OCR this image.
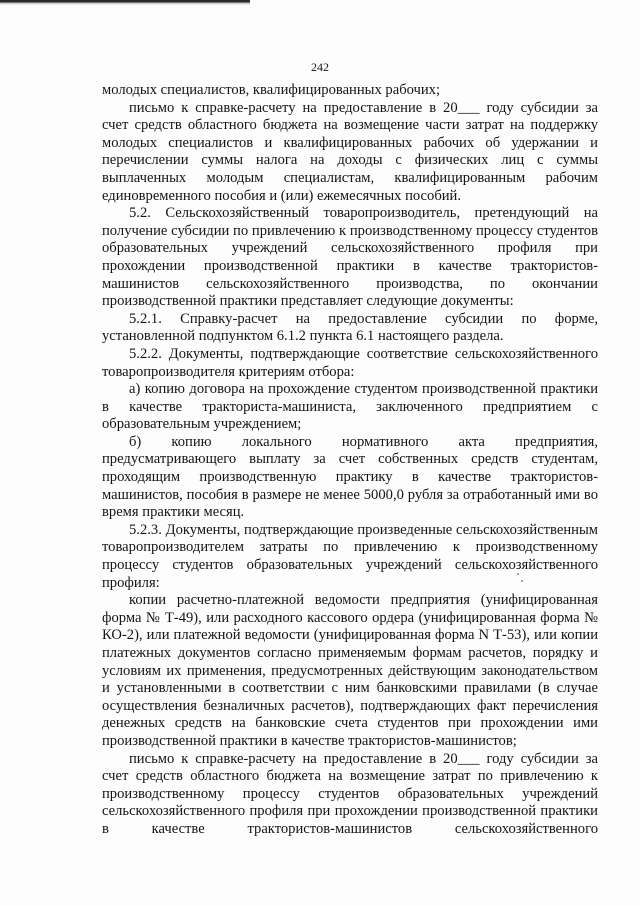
242

молодых специалистов, квалифицированных рабочих;

письмо к справке-расчету на предоставление в 20___ году субсидии за счет средств областного бюджета на возмещение части затрат на поддержку молодых специалистов и квалифицированных рабочих об удержании и перечислении суммы налога на доходы с физических лиц с суммы выплаченных молодым специалистам, квалифицированным рабочим единовременного пособия и (или) ежемесячных пособий.

5.2. Сельскохозяйственный товаропроизводитель, претендующий на получение субсидии по привлечению к производственному процессу студентов образовательных учреждений сельскохозяйственного профиля при прохождении производственной практики в качестве трактористов-машинистов сельскохозяйственного производства, по окончании производственной практики представляет следующие документы:

5.2.1. Справку-расчет на предоставление субсидии по форме, установленной подпунктом 6.1.2 пункта 6.1 настоящего раздела.

5.2.2. Документы, подтверждающие соответствие сельскохозяйственного товаропроизводителя критериям отбора:

а) копию договора на прохождение студентом производственной практики в качестве тракториста-машиниста, заключенного предприятием с образовательным учреждением;

б) копию локального нормативного акта предприятия, предусматривающего выплату за счет собственных средств студентам, проходящим производственную практику в качестве трактористов-машинистов, пособия в размере не менее 5000,0 рубля за отработанный ими во время практики месяц.

5.2.3. Документы, подтверждающие произведенные сельскохозяйственным товаропроизводителем затраты по привлечению к производственному процессу студентов образовательных учреждений сельскохозяйственного профиля:

копии расчетно-платежной ведомости предприятия (унифицированная форма № Т-49), или расходного кассового ордера (унифицированная форма № КО-2), или платежной ведомости (унифицированная форма N Т-53), или копии платежных документов согласно применяемым формам расчетов, порядку и условиям их применения, предусмотренных действующим законодательством и установленными в соответствии с ним банковскими правилами (в случае осуществления безналичных расчетов), подтверждающих факт перечисления денежных средств на банковские счета студентов при прохождении ими производственной практики в качестве трактористов-машинистов;

письмо к справке-расчету на предоставление в 20___ году субсидии за счет средств областного бюджета на возмещение затрат по привлечению к производственному процессу студентов образовательных учреждений сельскохозяйственного профиля при прохождении производственной практики в качестве трактористов-машинистов сельскохозяйственного
